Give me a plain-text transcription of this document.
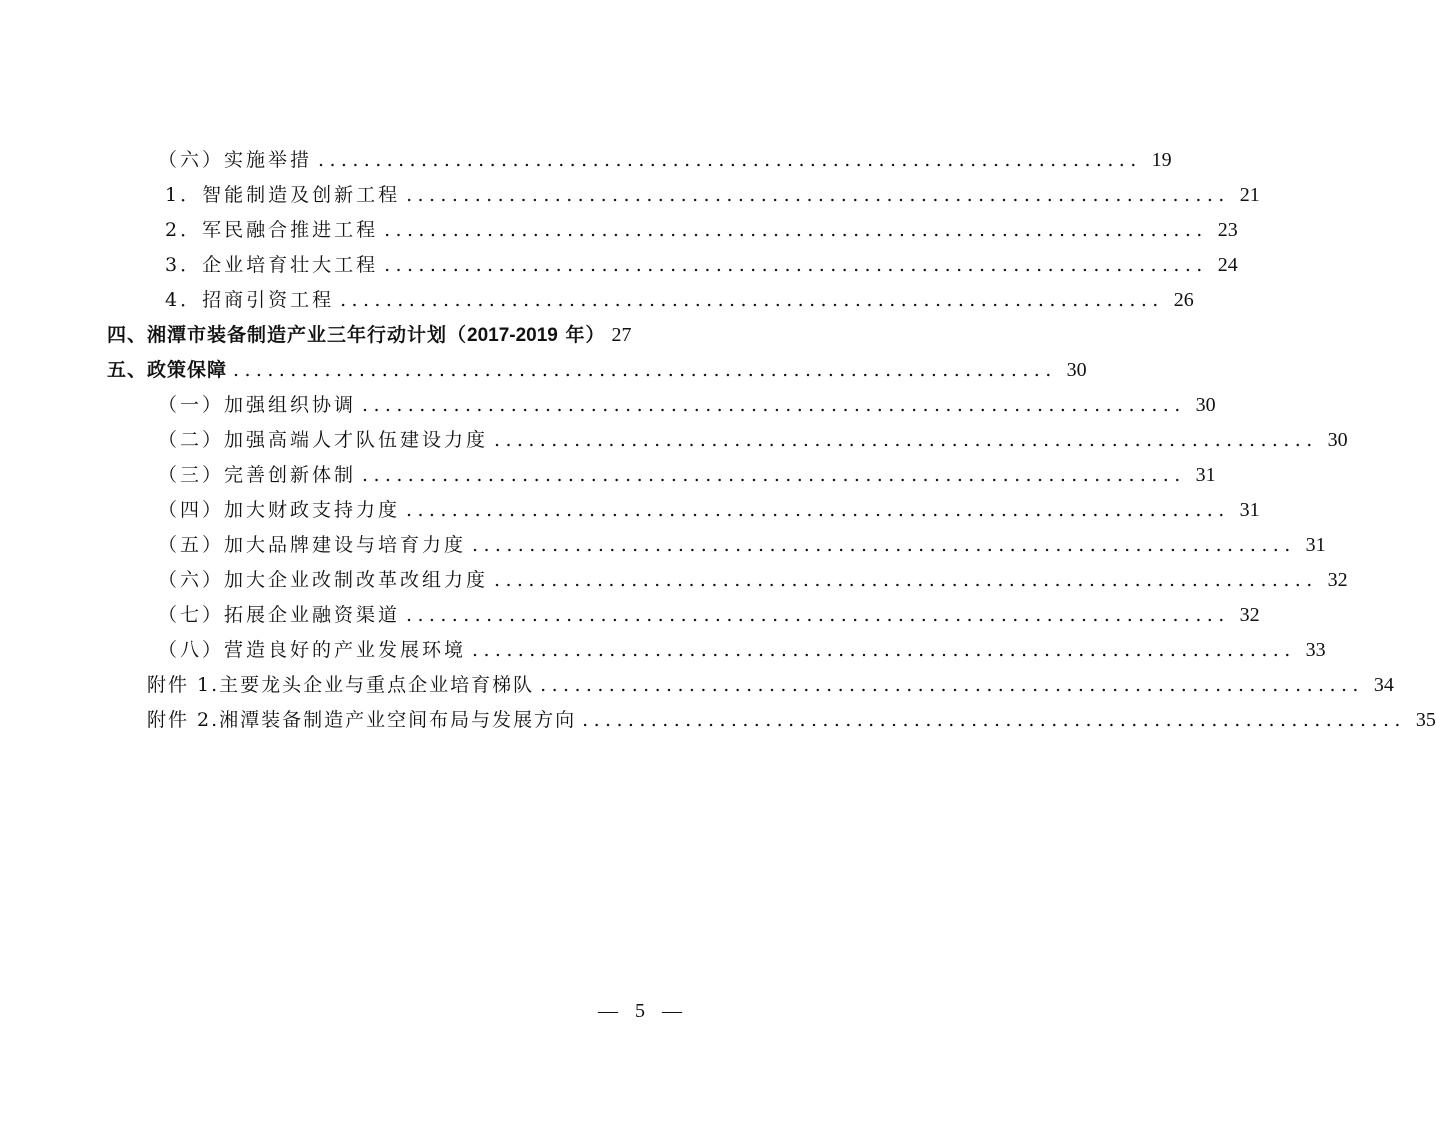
（六）实施举措 ........................................................................ 19
1．智能制造及创新工程 ........................................................................ 21
2．军民融合推进工程 ........................................................................ 23
3．企业培育壮大工程 ........................................................................ 24
4．招商引资工程 ........................................................................ 26
四、湘潭市装备制造产业三年行动计划（2017-2019 年） 27
五、政策保障 ........................................................................ 30
（一）加强组织协调 ........................................................................ 30
（二）加强高端人才队伍建设力度 ........................................................................ 30
（三）完善创新体制 ........................................................................ 31
（四）加大财政支持力度 ........................................................................ 31
（五）加大品牌建设与培育力度 ........................................................................ 31
（六）加大企业改制改革改组力度 ........................................................................ 32
（七）拓展企业融资渠道 ........................................................................ 32
（八）营造良好的产业发展环境 ........................................................................ 33
附件 1.主要龙头企业与重点企业培育梯队 ........................................................................ 34
附件 2.湘潭装备制造产业空间布局与发展方向 ........................................................................ 35
— 5 —
